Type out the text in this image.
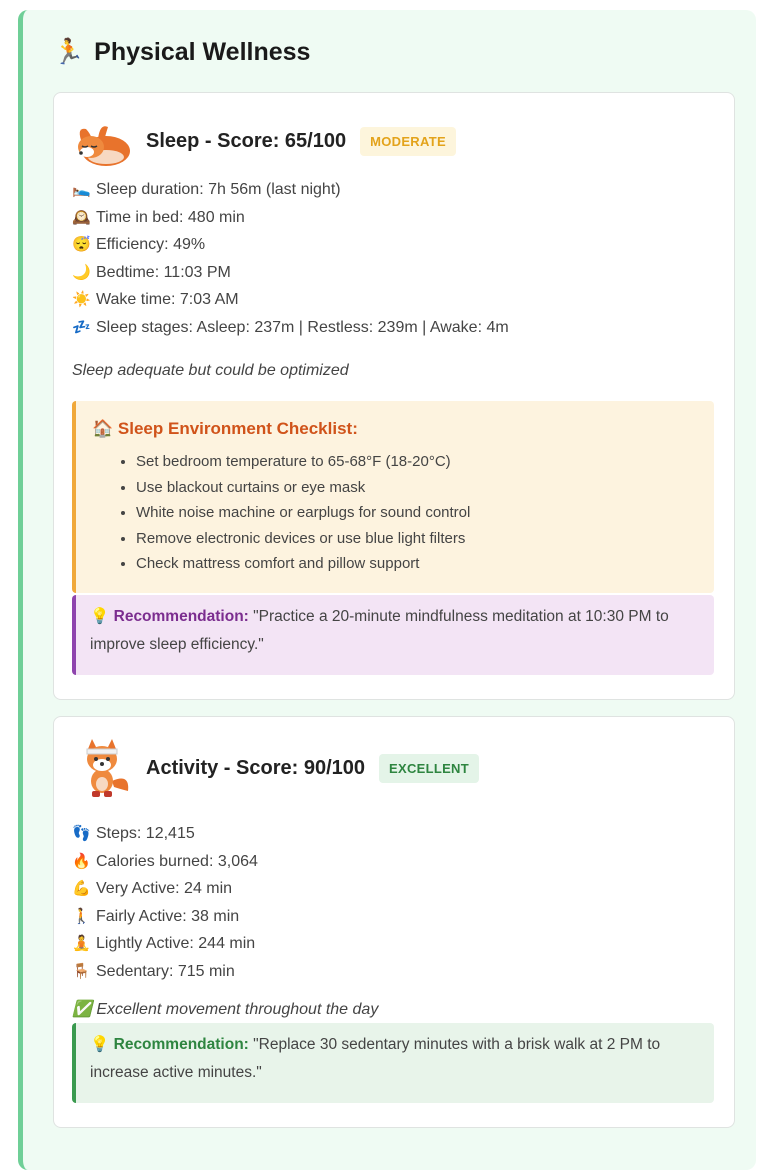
🏃 Physical Wellness
Sleep - Score: 65/100	MODERATE
🛌 Sleep duration: 7h 56m (last night)
🕰️ Time in bed: 480 min
😴 Efficiency: 49%
🌙 Bedtime: 11:03 PM
☀️ Wake time: 7:03 AM
💤 Sleep stages: Asleep: 237m | Restless: 239m | Awake: 4m
Sleep adequate but could be optimized
🏠 Sleep Environment Checklist:
• Set bedroom temperature to 65-68°F (18-20°C)
• Use blackout curtains or eye mask
• White noise machine or earplugs for sound control
• Remove electronic devices or use blue light filters
• Check mattress comfort and pillow support
💡 Recommendation: "Practice a 20-minute mindfulness meditation at 10:30 PM to improve sleep efficiency."
Activity - Score: 90/100	EXCELLENT
👣 Steps: 12,415
🔥 Calories burned: 3,064
💪 Very Active: 24 min
🚶 Fairly Active: 38 min
🧘 Lightly Active: 244 min
🪑 Sedentary: 715 min
✅ Excellent movement throughout the day
💡 Recommendation: "Replace 30 sedentary minutes with a brisk walk at 2 PM to increase active minutes."
